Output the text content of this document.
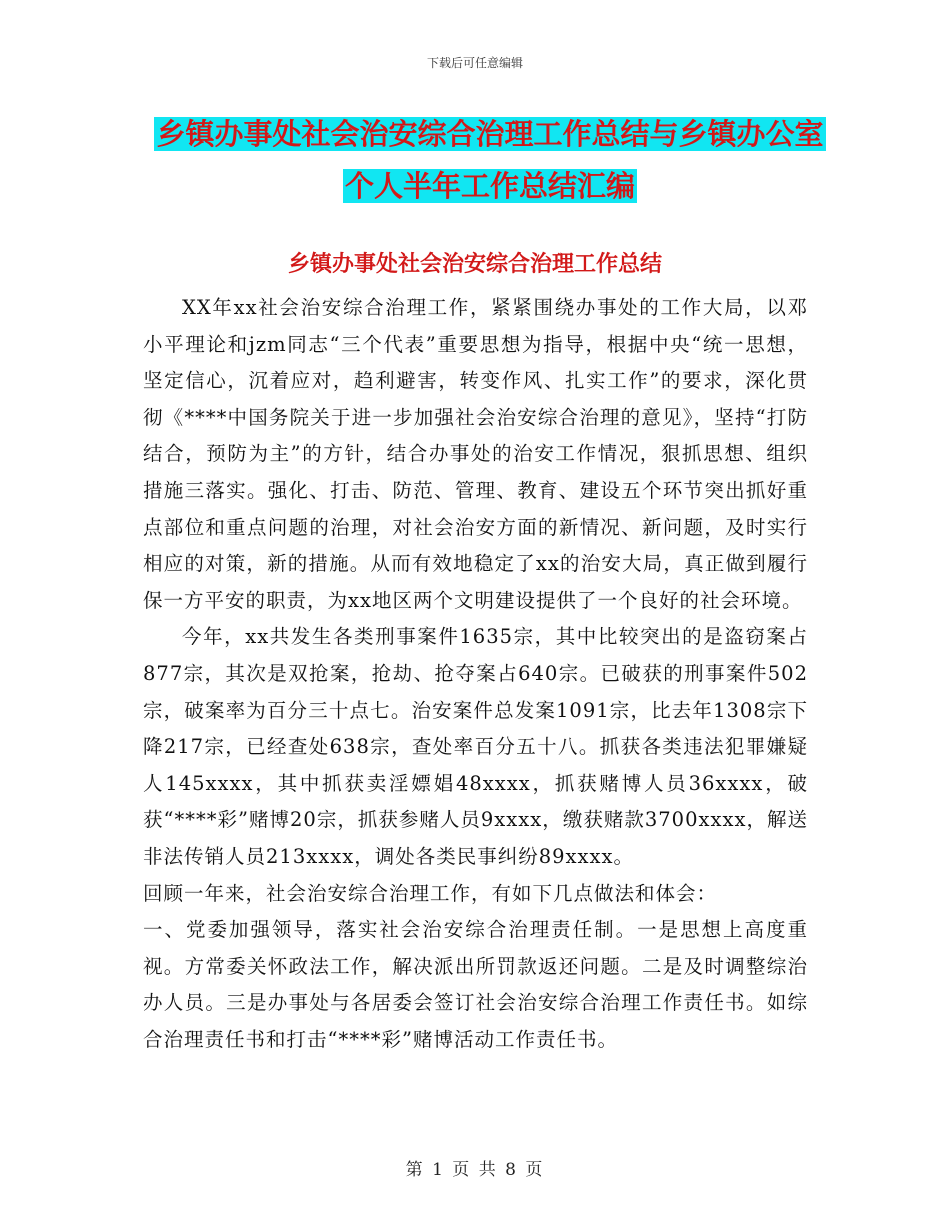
下载后可任意编辑
乡镇办事处社会治安综合治理工作总结与乡镇办公室
个人半年工作总结汇编
乡镇办事处社会治安综合治理工作总结

XX年xx社会治安综合治理工作，紧紧围绕办事处的工作大局，以邓小平理论和jzm同志“三个代表”重要思想为指导，根据中央“统一思想，坚定信心，沉着应对，趋利避害，转变作风、扎实工作”的要求，深化贯彻《****中国务院关于进一步加强社会治安综合治理的意见》，坚持“打防结合，预防为主”的方针，结合办事处的治安工作情况，狠抓思想、组织措施三落实。强化、打击、防范、管理、教育、建设五个环节突出抓好重点部位和重点问题的治理，对社会治安方面的新情况、新问题，及时实行相应的对策，新的措施。从而有效地稳定了xx的治安大局，真正做到履行保一方平安的职责，为xx地区两个文明建设提供了一个良好的社会环境。

今年，xx共发生各类刑事案件1635宗，其中比较突出的是盗窃案占877宗，其次是双抢案，抢劫、抢夺案占640宗。已破获的刑事案件502宗，破案率为百分三十点七。治安案件总发案1091宗，比去年1308宗下降217宗，已经查处638宗，查处率百分五十八。抓获各类违法犯罪嫌疑人145xxxx，其中抓获卖淫嫖娼48xxxx，抓获赌博人员36xxxx，破获“****彩”赌博20宗，抓获参赌人员9xxxx，缴获赌款3700xxxx，解送非法传销人员213xxxx，调处各类民事纠纷89xxxx。

回顾一年来，社会治安综合治理工作，有如下几点做法和体会：

一、党委加强领导，落实社会治安综合治理责任制。一是思想上高度重视。方常委关怀政法工作，解决派出所罚款返还问题。二是及时调整综治办人员。三是办事处与各居委会签订社会治安综合治理工作责任书。如综合治理责任书和打击“****彩”赌博活动工作责任书。

第 1 页 共 8 页
